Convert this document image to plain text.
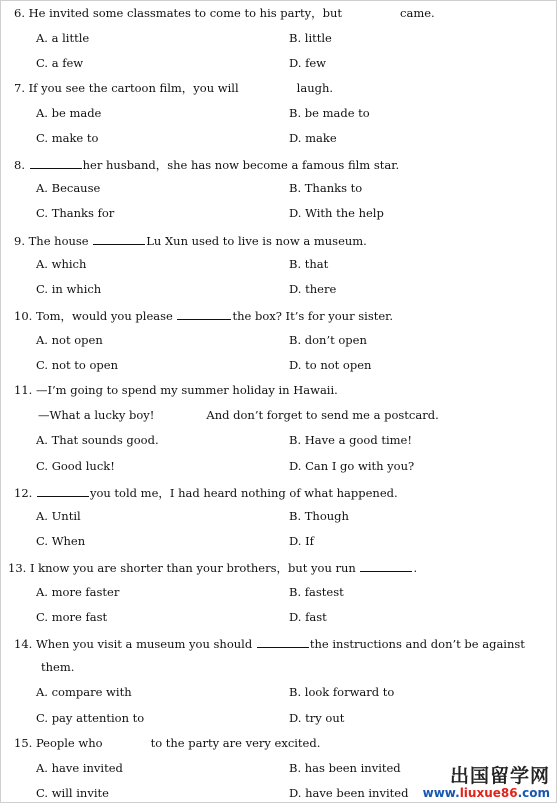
6. He invited some classmates to come to his party，but	came.
A. a little	B. little
C. a few	D. few
7. If you see the cartoon film，you will	laugh.
A. be made	B. be made to
C. make to	D. make
8.	her husband，she has now become a famous film star.
A. Because	B. Thanks to
C. Thanks for	D. With the help
9. The house	Lu Xun used to live is now a museum.
A. which	B. that
C. in which	D. there
10. Tom，would you please	the box? It’s for your sister.
A. not open	B. don’t open
C. not to open	D. to not open
11. —I’m going to spend my summer holiday in Hawaii.
—What a lucky boy!	And don’t forget to send me a postcard.
A. That sounds good.	B. Have a good time!
C. Good luck!	D. Can I go with you?
12.	you told me，I had heard nothing of what happened.
A. Until	B. Though
C. When	D. If
13. I know you are shorter than your brothers，but you run	.
A. more faster	B. fastest
C. more fast	D. fast
14. When you visit a museum you should	the instructions and don’t be against
them.
A. compare with	B. look forward to
C. pay attention to	D. try out
15. People who	to the party are very excited.
A. have invited	B. has been invited
C. will invite	D. have been invited
出国留学网
www.liuxue86.com
